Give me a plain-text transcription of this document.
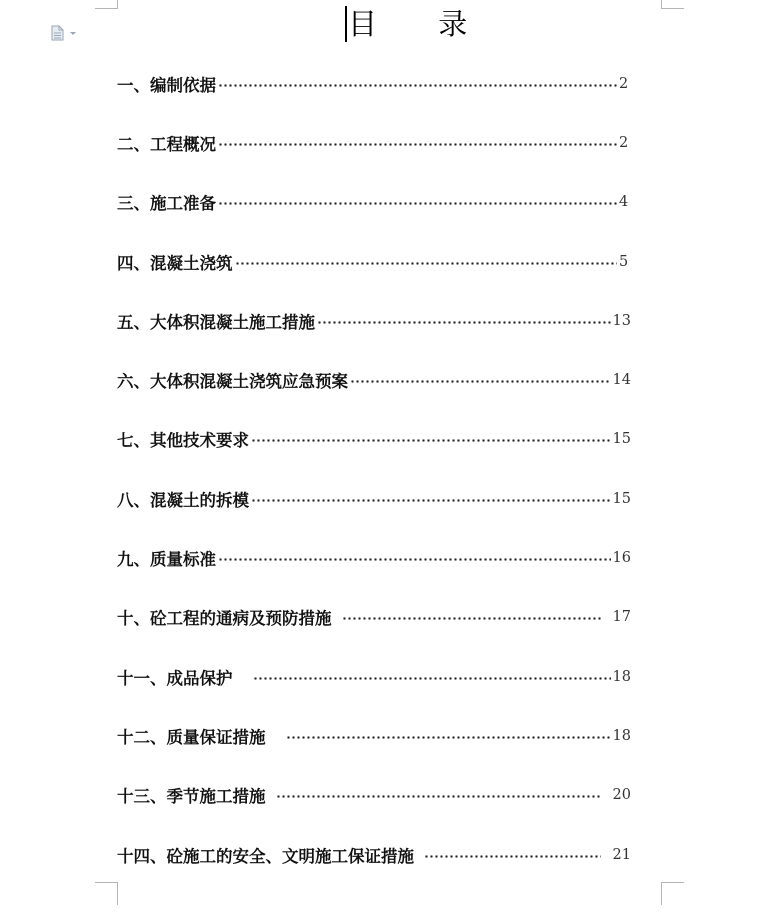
目 录
一、编制依据	2
二、工程概况	2
三、施工准备	4
四、混凝土浇筑	5
五、大体积混凝土施工措施	13
六、大体积混凝土浇筑应急预案	14
七、其他技术要求	15
八、混凝土的拆模	15
九、质量标准	16
十、砼工程的通病及预防措施	17
十一、成品保护	18
十二、质量保证措施	18
十三、季节施工措施	20
十四、砼施工的安全、文明施工保证措施	21
